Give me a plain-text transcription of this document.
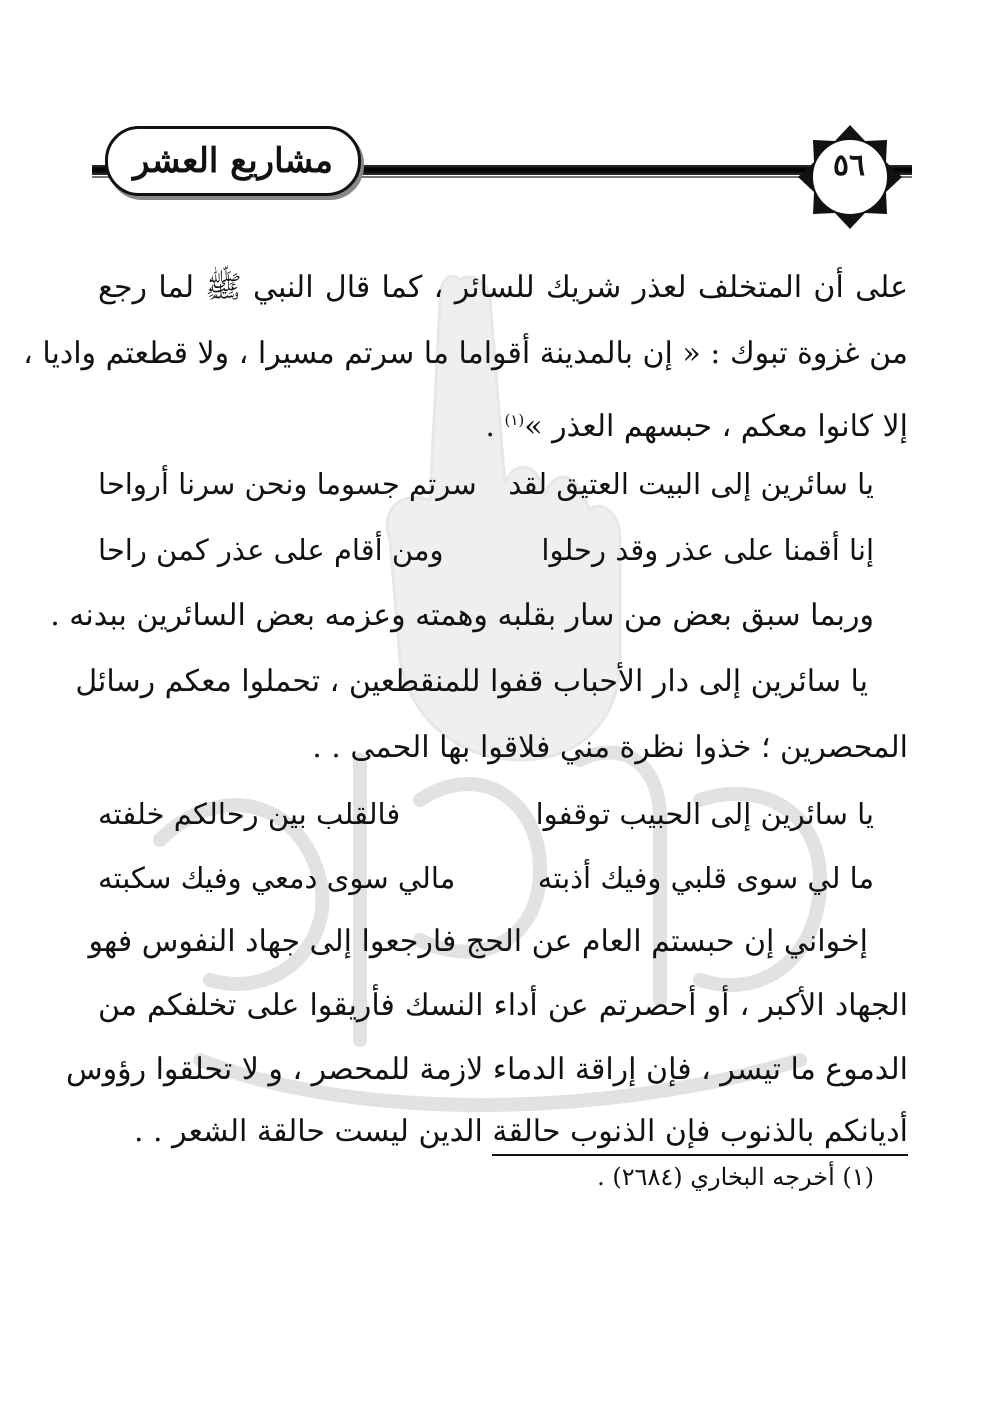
مشاريع العشر	٥٦
على أن المتخلف لعذر شريك للسائر ، كما قال النبي ﷺ لما رجع
من غزوة تبوك : « إن بالمدينة أقواما ما سرتم مسيرا ، ولا قطعتم واديا ،
إلا كانوا معكم ، حبسهم العذر »$^{(١)}$ .
يا سائرين إلى البيت العتيق لقد
سرتم جسوما ونحن سرنا أرواحا
إنا أقمنا على عذر وقد رحلوا
ومن أقام على عذر كمن راحا
وربما سبق بعض من سار بقلبه وهمته وعزمه بعض السائرين ببدنه .
يا سائرين إلى دار الأحباب قفوا للمنقطعين ، تحملوا معكم رسائل
المحصرين ؛ خذوا نظرة مني فلاقوا بها الحمى . .
يا سائرين إلى الحبيب توقفوا
فالقلب بين رحالكم خلفته
ما لي سوى قلبي وفيك أذبته
مالي سوى دمعي وفيك سكبته
إخواني إن حبستم العام عن الحج فارجعوا إلى جهاد النفوس فهو
الجهاد الأكبر ، أو أحصرتم عن أداء النسك فأريقوا على تخلفكم من
الدموع ما تيسر ، فإن إراقة الدماء لازمة للمحصر ، و لا تحلقوا رؤوس
أديانكم بالذنوب فإن الذنوب حالقة الدين ليست حالقة الشعر . .
(١) أخرجه البخاري (٢٦٨٤) .
